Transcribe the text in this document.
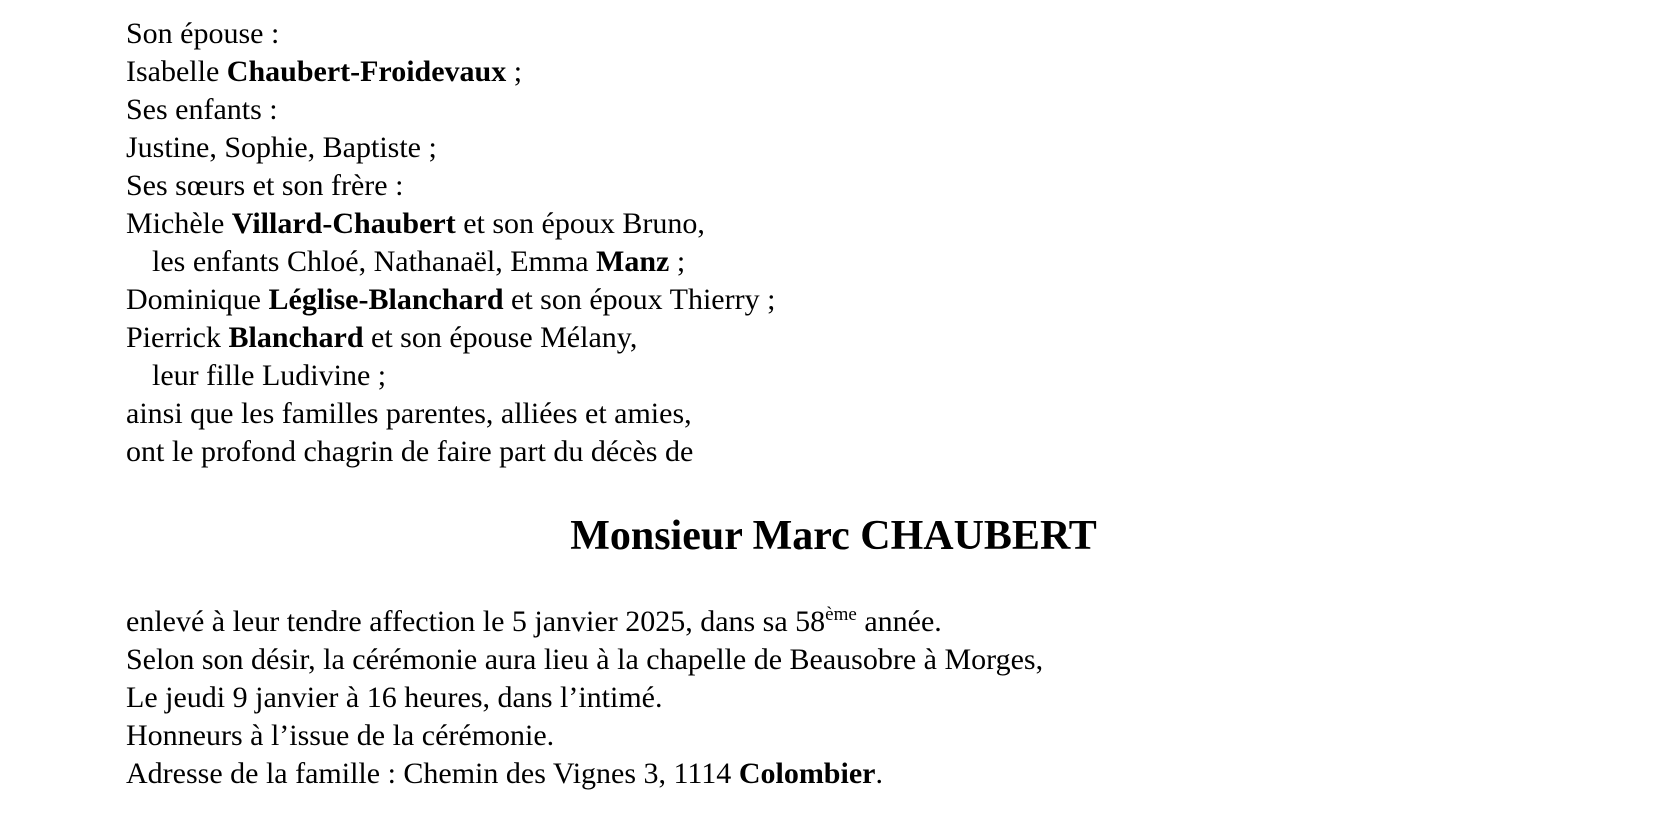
Son épouse :
Isabelle Chaubert-Froidevaux ;
Ses enfants :
Justine, Sophie, Baptiste ;
Ses sœurs et son frère :
Michèle Villard-Chaubert et son époux Bruno,
les enfants Chloé, Nathanaël, Emma Manz ;
Dominique Léglise-Blanchard et son époux Thierry ;
Pierrick Blanchard et son épouse Mélany,
leur fille Ludivine ;
ainsi que les familles parentes, alliées et amies,
ont le profond chagrin de faire part du décès de
Monsieur Marc CHAUBERT
enlevé à leur tendre affection le 5 janvier 2025, dans sa 58ème année.
Selon son désir, la cérémonie aura lieu à la chapelle de Beausobre à Morges,
Le jeudi 9 janvier à 16 heures, dans l’intimé.
Honneurs à l’issue de la cérémonie.
Adresse de la famille : Chemin des Vignes 3, 1114 Colombier.
